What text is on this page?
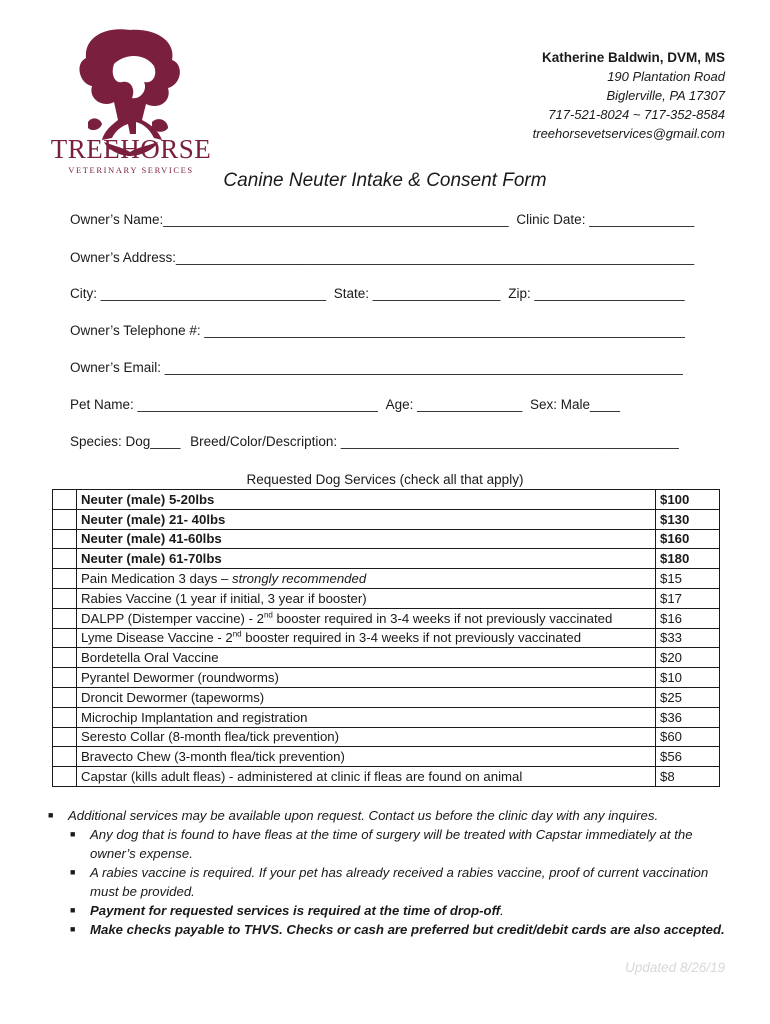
TREEHORSE
VETERINARY SERVICES
Katherine Baldwin, DVM, MS
190 Plantation Road
Biglerville, PA 17307
717-521-8024 ~ 717-352-8584
treehorsevetservices@gmail.com
Canine Neuter Intake & Consent Form
Owner’s Name:______________________________________________ Clinic Date: ______________
Owner’s Address:_____________________________________________________________________
City: ______________________________ State: _________________ Zip: ____________________
Owner’s Telephone #: ________________________________________________________________
Owner’s Email: _____________________________________________________________________
Pet Name: ________________________________ Age: ______________ Sex: Male____
Species: Dog____ Breed/Color/Description: _____________________________________________
Requested Dog Services (check all that apply)
	Neuter (male) 5-20lbs	$100
	Neuter (male) 21- 40lbs	$130
	Neuter (male) 41-60lbs	$160
	Neuter (male) 61-70lbs	$180
	Pain Medication 3 days – strongly recommended	$15
	Rabies Vaccine (1 year if initial, 3 year if booster)	$17
	DALPP (Distemper vaccine) - 2nd booster required in 3-4 weeks if not previously vaccinated	$16
	Lyme Disease Vaccine - 2nd booster required in 3-4 weeks if not previously vaccinated	$33
	Bordetella Oral Vaccine	$20
	Pyrantel Dewormer (roundworms)	$10
	Droncit Dewormer (tapeworms)	$25
	Microchip Implantation and registration	$36
	Seresto Collar (8-month flea/tick prevention)	$60
	Bravecto Chew (3-month flea/tick prevention)	$56
	Capstar (kills adult fleas) - administered at clinic if fleas are found on animal	$8
■ Additional services may be available upon request. Contact us before the clinic day with any inquires.
■ Any dog that is found to have fleas at the time of surgery will be treated with Capstar immediately at the owner’s expense.
■ A rabies vaccine is required. If your pet has already received a rabies vaccine, proof of current vaccination must be provided.
■ Payment for requested services is required at the time of drop-off.
■ Make checks payable to THVS. Checks or cash are preferred but credit/debit cards are also accepted.
Updated 8/26/19
